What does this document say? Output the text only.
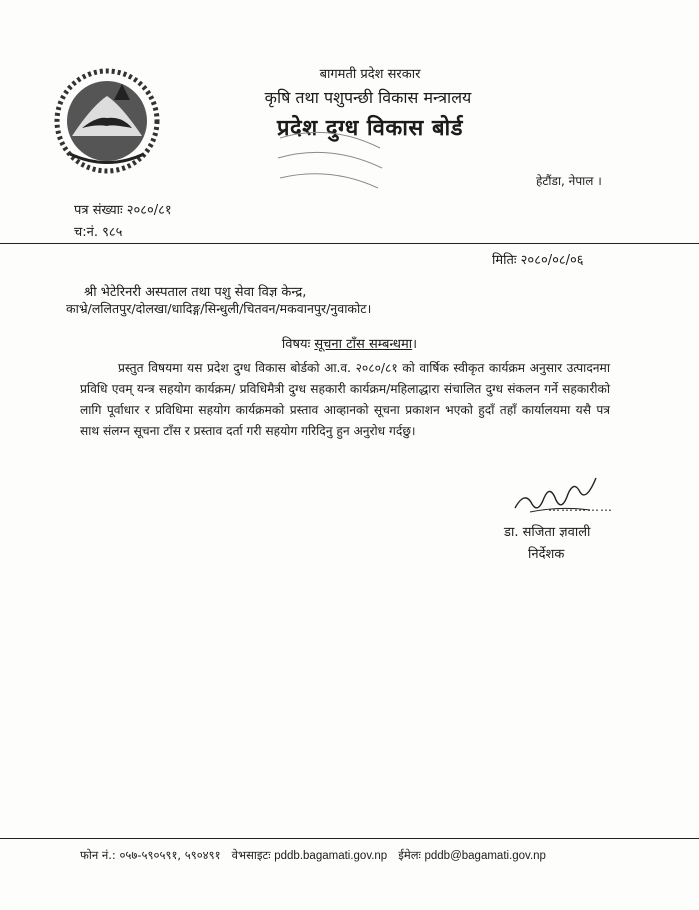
बागमती प्रदेश सरकार
कृषि तथा पशुपन्छी विकास मन्त्रालय
प्रदेश दुग्ध विकास बोर्ड
हेटौंडा, नेपाल ।
पत्र संख्याः २०८०/८१
च:नं. ९८५
मितिः २०८०/०८/०६
श्री भेटेरिनरी अस्पताल तथा पशु सेवा विज्ञ केन्द्र,
काभ्रे/ललितपुर/दोलखा/धादिङ्ग/सिन्धुली/चितवन/मकवानपुर/नुवाकोट।
विषयः सूचना टाँस सम्बन्धमा।
प्रस्तुत विषयमा यस प्रदेश दुग्ध विकास बोर्डको आ.व. २०८०/८१ को वार्षिक स्वीकृत कार्यक्रम अनुसार उत्पादनमा प्रविधि एवम् यन्त्र सहयोग कार्यक्रम/ प्रविधिमैत्री दुग्ध सहकारी कार्यक्रम/महिलाद्धारा संचालित दुग्ध संकलन गर्ने सहकारीको लागि पूर्वाधार र प्रविधिमा सहयोग कार्यक्रमको प्रस्ताव आव्हानको सूचना प्रकाशन भएको हुदाँ तहाँ कार्यालयमा यसै पत्र साथ संलग्न सूचना टाँस र प्रस्ताव दर्ता गरी सहयोग गरिदिनु हुन अनुरोध गर्दछु।
……………
डा. सजिता ज्ञवाली
निर्देशक
फोन नं.: ०५७-५९०५९१, ५९०४९१ वेभसाइटः pddb.bagamati.gov.np ईमेलः pddb@bagamati.gov.np
